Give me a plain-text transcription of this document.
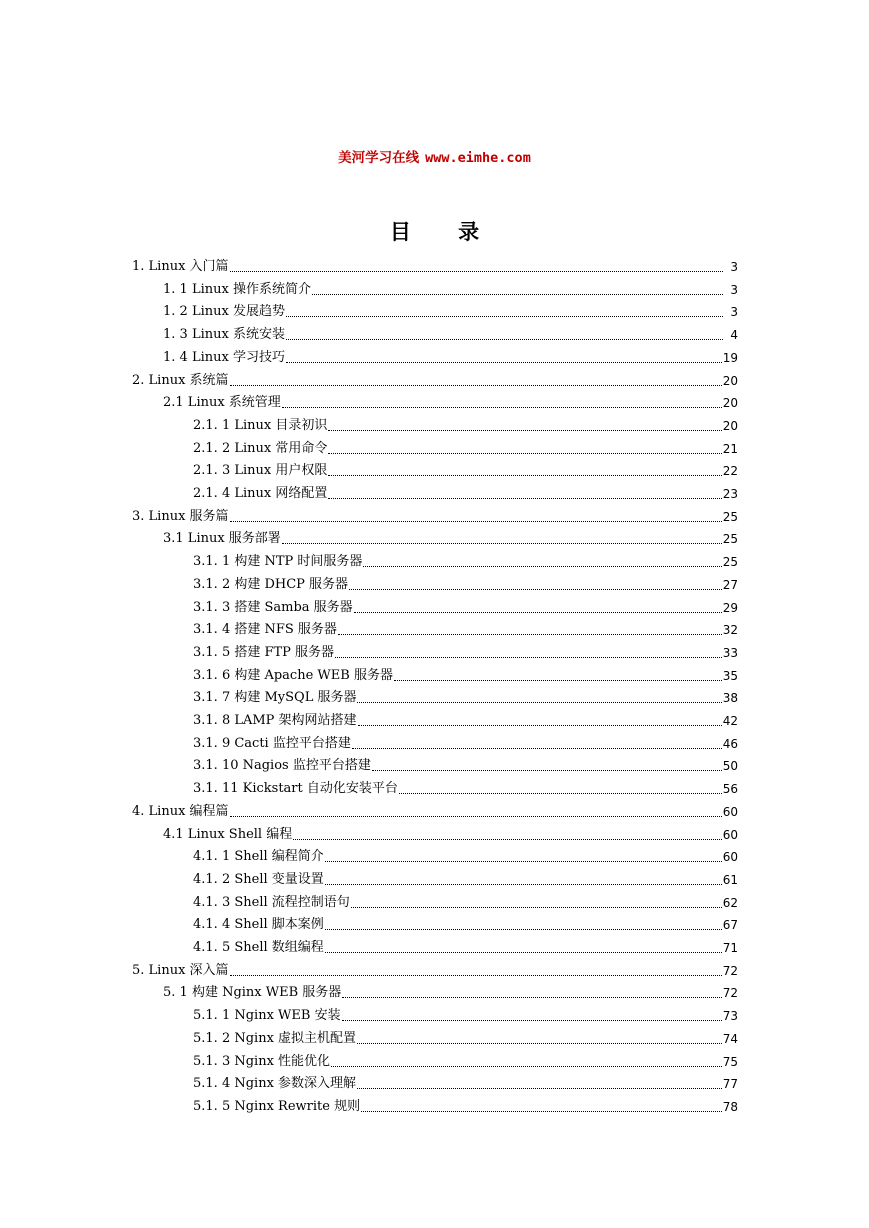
美河学习在线 www.eimhe.com
目 录
1. Linux 入门篇	3
1. 1 Linux 操作系统简介	3
1. 2 Linux 发展趋势	3
1. 3 Linux 系统安装	4
1. 4 Linux 学习技巧	19
2. Linux 系统篇	20
2.1 Linux 系统管理	20
2.1. 1 Linux 目录初识	20
2.1. 2 Linux 常用命令	21
2.1. 3 Linux 用户权限	22
2.1. 4 Linux 网络配置	23
3. Linux 服务篇	25
3.1 Linux 服务部署	25
3.1. 1 构建 NTP 时间服务器	25
3.1. 2 构建 DHCP 服务器	27
3.1. 3 搭建 Samba 服务器	29
3.1. 4 搭建 NFS 服务器	32
3.1. 5 搭建 FTP 服务器	33
3.1. 6 构建 Apache WEB 服务器	35
3.1. 7 构建 MySQL 服务器	38
3.1. 8 LAMP 架构网站搭建	42
3.1. 9 Cacti 监控平台搭建	46
3.1. 10 Nagios 监控平台搭建	50
3.1. 11 Kickstart 自动化安装平台	56
4. Linux 编程篇	60
4.1 Linux Shell 编程	60
4.1. 1 Shell 编程简介	60
4.1. 2 Shell 变量设置	61
4.1. 3 Shell 流程控制语句	62
4.1. 4 Shell 脚本案例	67
4.1. 5 Shell 数组编程	71
5. Linux 深入篇	72
5. 1 构建 Nginx WEB 服务器	72
5.1. 1 Nginx WEB 安装	73
5.1. 2 Nginx 虚拟主机配置	74
5.1. 3 Nginx 性能优化	75
5.1. 4 Nginx 参数深入理解	77
5.1. 5 Nginx Rewrite 规则	78
